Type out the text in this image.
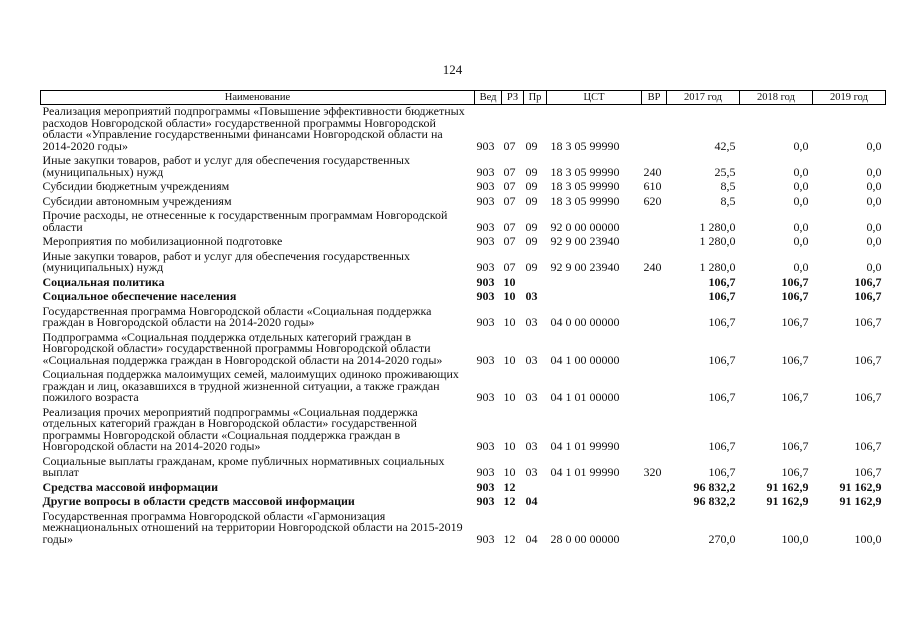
124
Наименование	Вед	РЗ	Пр	ЦСТ	ВР	2017 год	2018 год	2019 год
Реализация мероприятий подпрограммы «Повышение эффективности бюджетных расходов Новгородской области» государственной программы Новгородской области «Управление государственными финансами Новгородской области на 2014-2020 годы»	903	07	09	18 3 05 99990		42,5	0,0	0,0
Иные закупки товаров, работ и услуг для обеспечения государственных (муниципальных) нужд	903	07	09	18 3 05 99990	240	25,5	0,0	0,0
Субсидии бюджетным учреждениям	903	07	09	18 3 05 99990	610	8,5	0,0	0,0
Субсидии автономным учреждениям	903	07	09	18 3 05 99990	620	8,5	0,0	0,0
Прочие расходы, не отнесенные к государственным программам Новгородской области	903	07	09	92 0 00 00000		1 280,0	0,0	0,0
Мероприятия по мобилизационной подготовке	903	07	09	92 9 00 23940		1 280,0	0,0	0,0
Иные закупки товаров, работ и услуг для обеспечения государственных (муниципальных) нужд	903	07	09	92 9 00 23940	240	1 280,0	0,0	0,0
Социальная политика	903	10				106,7	106,7	106,7
Социальное обеспечение населения	903	10	03			106,7	106,7	106,7
Государственная программа Новгородской области «Социальная поддержка граждан в Новгородской области на 2014-2020 годы»	903	10	03	04 0 00 00000		106,7	106,7	106,7
Подпрограмма «Социальная поддержка отдельных категорий граждан в Новгородской области» государственной программы Новгородской области «Социальная поддержка граждан в Новгородской области на 2014-2020 годы»	903	10	03	04 1 00 00000		106,7	106,7	106,7
Социальная поддержка малоимущих семей, малоимущих одиноко проживающих граждан и лиц, оказавшихся в трудной жизненной ситуации, а также граждан пожилого возраста	903	10	03	04 1 01 00000		106,7	106,7	106,7
Реализация прочих мероприятий подпрограммы «Социальная поддержка отдельных категорий граждан в Новгородской области» государственной программы Новгородской области «Социальная поддержка граждан в Новгородской области на 2014-2020 годы»	903	10	03	04 1 01 99990		106,7	106,7	106,7
Социальные выплаты гражданам, кроме публичных нормативных социальных выплат	903	10	03	04 1 01 99990	320	106,7	106,7	106,7
Средства массовой информации	903	12				96 832,2	91 162,9	91 162,9
Другие вопросы в области средств массовой информации	903	12	04			96 832,2	91 162,9	91 162,9
Государственная программа Новгородской области «Гармонизация межнациональных отношений на территории Новгородской области на 2015-2019 годы»	903	12	04	28 0 00 00000		270,0	100,0	100,0
